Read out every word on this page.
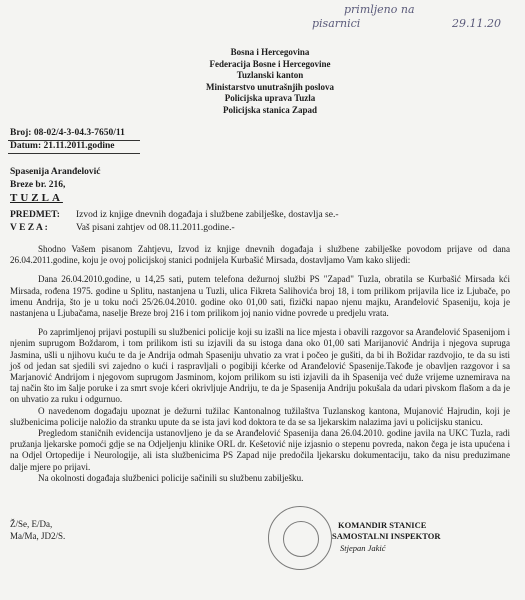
primljeno na
pisarnici	29.11.20
Bosna i Hercegovina
Federacija Bosne i Hercegovine
Tuzlanski kanton
Ministarstvo unutrašnjih poslova
Policijska uprava Tuzla
Policijska stanica Zapad
Broj: 08-02/4-3-04.3-7650/11
Datum: 21.11.2011.godine
Spasenija Aranđelović
Breze br. 216,
TUZLA
PREDMET: Izvod iz knjige dnevnih događaja i službene zabilješke, dostavlja se.-
V E Z A :	Vaš pisani zahtjev od 08.11.2011.godine.-

Shodno Vašem pisanom Zahtjevu, Izvod iz knjige dnevnih događaja i službene zabilješke povodom prijave od dana 26.04.2011.godine, koju je ovoj policijskoj stanici podnijela Kurbašić Mirsada, dostavljamo Vam kako slijedi:

Dana 26.04.2010.godine, u 14,25 sati, putem telefona dežurnoj službi PS "Zapad" Tuzla, obratila se Kurbašić Mirsada kći Mirsada, rođena 1975. godine u Splitu, nastanjena u Tuzli, ulica Fikreta Salihovića broj 18, i tom prilikom prijavila lice iz Ljubače, po imenu Andrija, što je u toku noći 25/26.04.2010. godine oko 01,00 sati, fizički napao njenu majku, Aranđelović Spaseniju, koja je nastanjena u Ljubačama, naselje Breze broj 216 i tom prilikom joj nanio vidne povrede u predjelu vrata.

Po zaprimljenoj prijavi postupili su službenici policije koji su izašli na lice mjesta i obavili razgovor sa Aranđelović Spasenijom i njenim suprugom Boždarom, i tom prilikom isti su izjavili da su istoga dana oko 01,00 sati Marijanović Andrija i njegova supruga Jasmina, ušli u njihovu kuću te da je Andrija odmah Spaseniju uhvatio za vrat i počeo je gušiti, da bi ih Božidar razdvojio, te da su isti još od jedan sat sjedili svi zajedno o kući i raspravljali o pogibiji kćerke od Aranđelović Spasenije.Takođe je obavljen razgovor i sa Marjanović Andrijom i njegovom suprugom Jasminom, kojom prilikom su isti izjavili da ih Spasenija već duže vrijeme uznemirava na taj način što im šalje poruke i za smrt svoje kćeri okrivljuje Andriju, te da je Spasenija Andriju pokušala da udari pivskom flašom a da je on uhvatio za ruku i odgurnuo.

O navedenom događaju upoznat je dežurni tužilac Kantonalnog tužilaštva Tuzlanskog kantona, Mujanović Hajrudin, koji je službenicima policije naložio da stranku upute da se ista javi kod doktora te da se sa ljekarskim nalazima javi u policijsku stanicu.

Pregledom staničnih evidencija ustanovljeno je da se Aranđelović Spasenija dana 26.04.2010. godine javila na UKC Tuzla, radi pružanja ljekarske pomoći gdje se na Odjeljenju klinike ORL dr. Kešetović nije izjasnio o stepenu povreda, nakon čega je ista upućena i na Odjel Ortopedije i Neurologije, ali ista službenicima PS Zapad nije predočila ljekarsku dokumentaciju, tako da nisu preduzimane dalje mjere po prijavi.

Na okolnosti događaja službenici policije sačinili su službenu zabilješku.

Ž/Se, E/Da,
Ma/Ma, JD2/S.
KOMANDIR STANICE
SAMOSTALNI INSPEKTOR
Stjepan Jakić
